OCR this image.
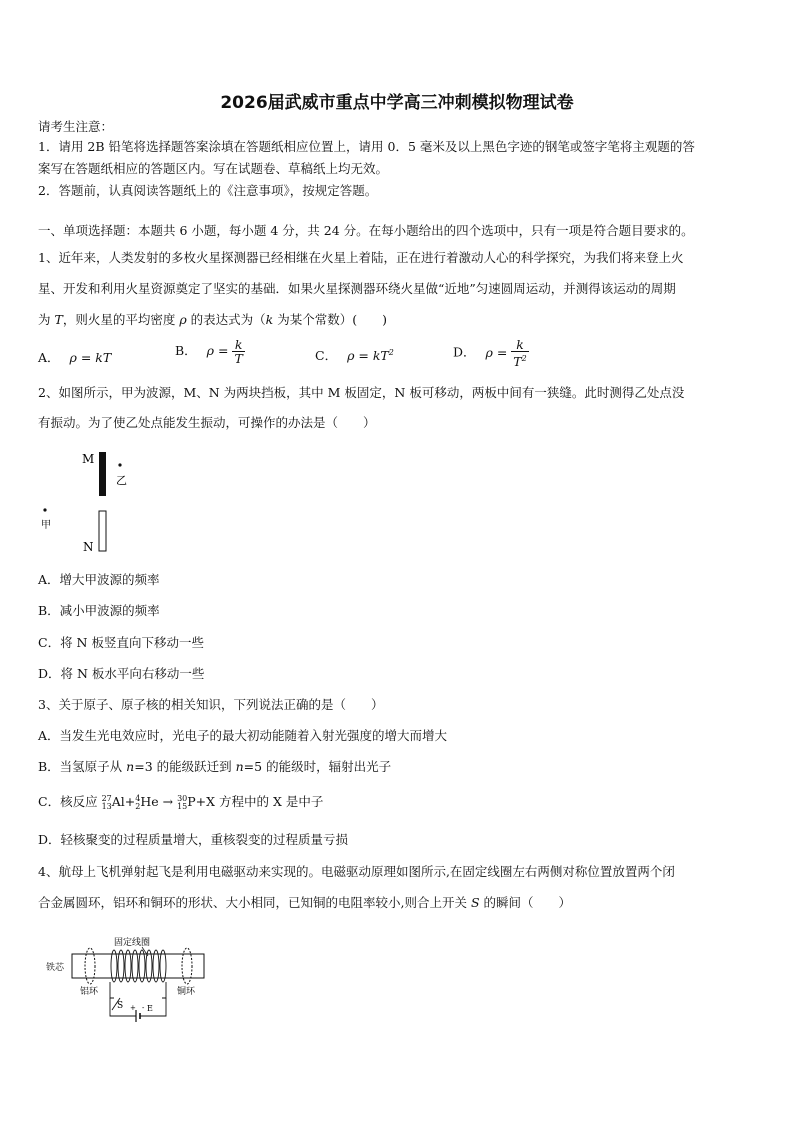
2026届武威市重点中学高三冲刺模拟物理试卷
请考生注意：
1．请用 2B 铅笔将选择题答案涂填在答题纸相应位置上，请用 0．5 毫米及以上黑色字迹的钢笔或签字笔将主观题的答
案写在答题纸相应的答题区内。写在试题卷、草稿纸上均无效。
2．答题前，认真阅读答题纸上的《注意事项》，按规定答题。
一、单项选择题：本题共 6 小题，每小题 4 分，共 24 分。在每小题给出的四个选项中，只有一项是符合题目要求的。
1、近年来，人类发射的多枚火星探测器已经相继在火星上着陆，正在进行着激动人心的科学探究，为我们将来登上火
星、开发和利用火星资源奠定了坚实的基础．如果火星探测器环绕火星做“近地”匀速圆周运动，并测得该运动的周期
为 T，则火星的平均密度 ρ 的表达式为（k 为某个常数）(　　)
A． ρ = kT	B． $\rho = \frac{k}{T}$	C． $\rho = kT^2$	D． $\rho = \frac{k}{T^2}$
2、如图所示，甲为波源，M、N 为两块挡板，其中 M 板固定，N 板可移动，两板中间有一狭缝。此时测得乙处点没
有振动。为了使乙处点能发生振动，可操作的办法是（　　）
M
乙
甲
N
A．增大甲波源的频率
B．减小甲波源的频率
C．将 N 板竖直向下移动一些
D．将 N 板水平向右移动一些
3、关于原子、原子核的相关知识，下列说法正确的是（　　）
A．当发生光电效应时，光电子的最大初动能随着入射光强度的增大而增大
B．当氢原子从 n=3 的能级跃迁到 n=5 的能级时，辐射出光子
C．核反应 27
13 Al+ 4
2 He → 30
15 P+X 方程中的 X 是中子
D．轻核聚变的过程质量增大，重核裂变的过程质量亏损
4、航母上飞机弹射起飞是利用电磁驱动来实现的。电磁驱动原理如图所示,在固定线圈左右两侧对称位置放置两个闭
合金属圆环，铝环和铜环的形状、大小相同，已知铜的电阻率较小,则合上开关 S 的瞬间（　　）
固定线圈
铁芯
铝环	铜环
S	E
+ -
